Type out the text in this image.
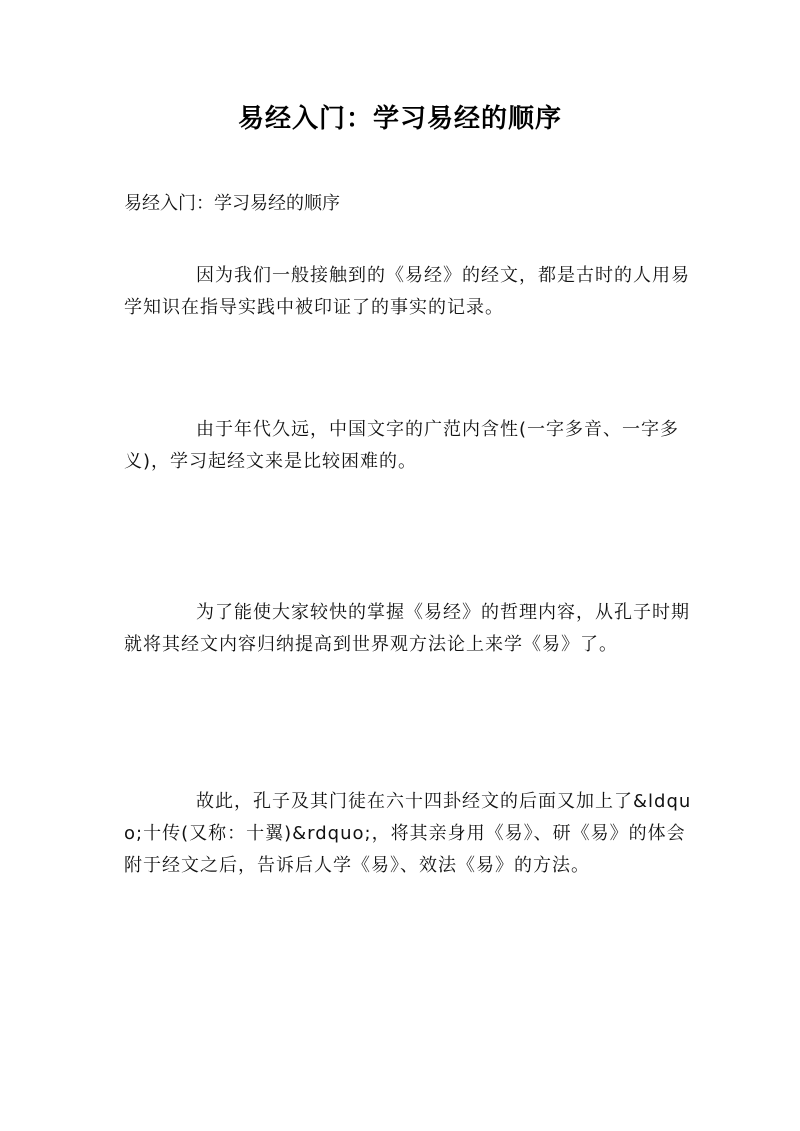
易经入门：学习易经的顺序
易经入门：学习易经的顺序
因为我们一般接触到的《易经》的经文，都是古时的人用易学知识在指导实践中被印证了的事实的记录。
由于年代久远，中国文字的广范内含性(一字多音、一字多义)，学习起经文来是比较困难的。
为了能使大家较快的掌握《易经》的哲理内容，从孔子时期就将其经文内容归纳提高到世界观方法论上来学《易》了。
故此，孔子及其门徒在六十四卦经文的后面又加上了&ldquo;十传(又称：十翼)&rdquo;，将其亲身用《易》、研《易》的体会附于经文之后，告诉后人学《易》、效法《易》的方法。
